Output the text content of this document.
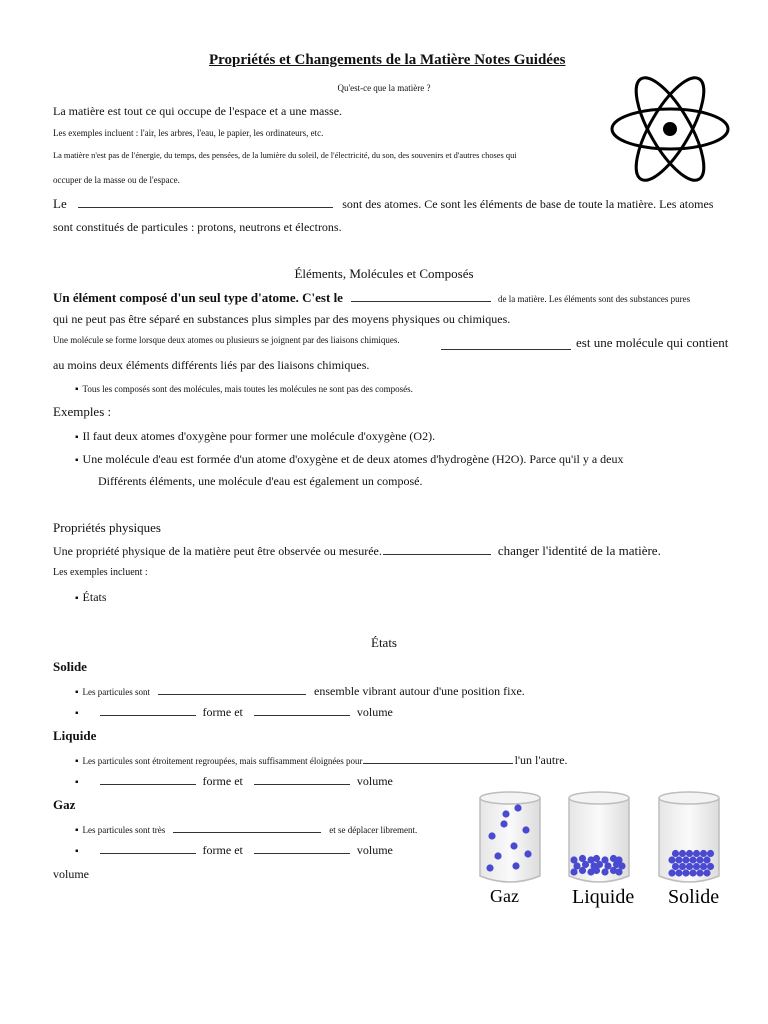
Propriétés et Changements de la Matière Notes Guidées
Qu'est-ce que la matière ?
La matière est tout ce qui occupe de l'espace et a une masse.
Les exemples incluent : l'air, les arbres, l'eau, le papier, les ordinateurs, etc.
La matière n'est pas de l'énergie, du temps, des pensées, de la lumière du soleil, de l'électricité, du son, des souvenirs et d'autres choses qui
occuper de la masse ou de l'espace.
Le	sont des atomes. Ce sont les éléments de base de toute la matière. Les atomes
sont constitués de particules : protons, neutrons et électrons.
Éléments, Molécules et Composés
Un élément composé d'un seul type d'atome. C'est le	de la matière. Les éléments sont des substances pures
qui ne peut pas être séparé en substances plus simples par des moyens physiques ou chimiques.
Une molécule se forme lorsque deux atomes ou plusieurs se joignent par des liaisons chimiques.	est une molécule qui contient
au moins deux éléments différents liés par des liaisons chimiques.
▪ Tous les composés sont des molécules, mais toutes les molécules ne sont pas des composés.
Exemples :
▪ Il faut deux atomes d'oxygène pour former une molécule d'oxygène (O2).
▪ Une molécule d'eau est formée d'un atome d'oxygène et de deux atomes d'hydrogène (H2O). Parce qu'il y a deux
Différents éléments, une molécule d'eau est également un composé.
Propriétés physiques
Une propriété physique de la matière peut être observée ou mesurée.	changer l'identité de la matière.
Les exemples incluent :
▪ États
États
Solide
▪ Les particules sont	ensemble vibrant autour d'une position fixe.
▪  forme et	volume
Liquide
▪ Les particules sont étroitement regroupées, mais suffisamment éloignées pour	l'un l'autre.
▪  forme et	volume
Gaz
▪ Les particules sont très	et se déplacer librement.
▪  forme et	volume
volume
Gaz	Liquide Solide
